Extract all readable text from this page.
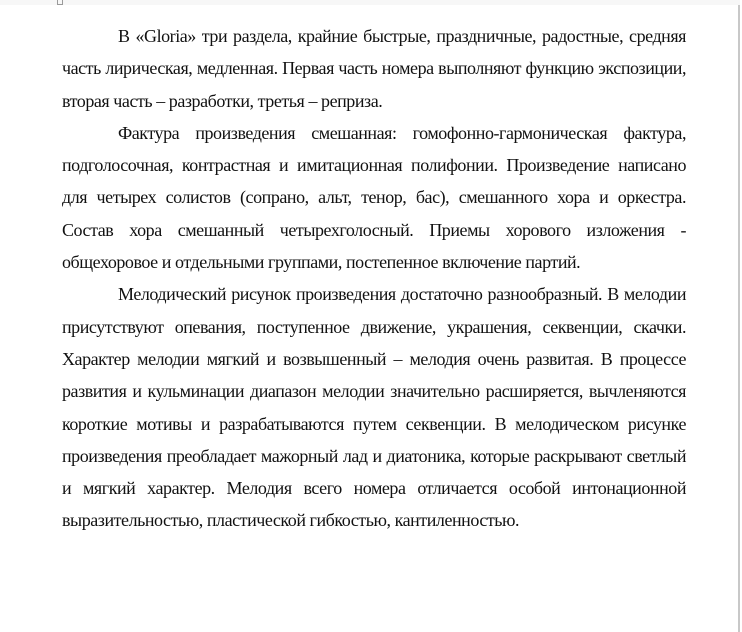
В «Gloria» три раздела, крайние быстрые, праздничные, радостные, средняя часть лирическая, медленная. Первая часть номера выполняют функцию экспозиции, вторая часть – разработки, третья – реприза.

Фактура произведения смешанная: гомофонно-гармоническая фактура, подголосочная, контрастная и имитационная полифонии. Произведение написано для четырех солистов (сопрано, альт, тенор, бас), смешанного хора и оркестра. Состав хора смешанный четырехголосный. Приемы хорового изложения - общехоровое и отдельными группами, постепенное включение партий.

Мелодический рисунок произведения достаточно разнообразный. В мелодии присутствуют опевания, поступенное движение, украшения, секвенции, скачки. Характер мелодии мягкий и возвышенный – мелодия очень развитая. В процессе развития и кульминации диапазон мелодии значительно расширяется, вычленяются короткие мотивы и разрабатываются путем секвенции. В мелодическом рисунке произведения преобладает мажорный лад и диатоника, которые раскрывают светлый и мягкий характер. Мелодия всего номера отличается особой интонационной выразительностью, пластической гибкостью, кантиленностью.
